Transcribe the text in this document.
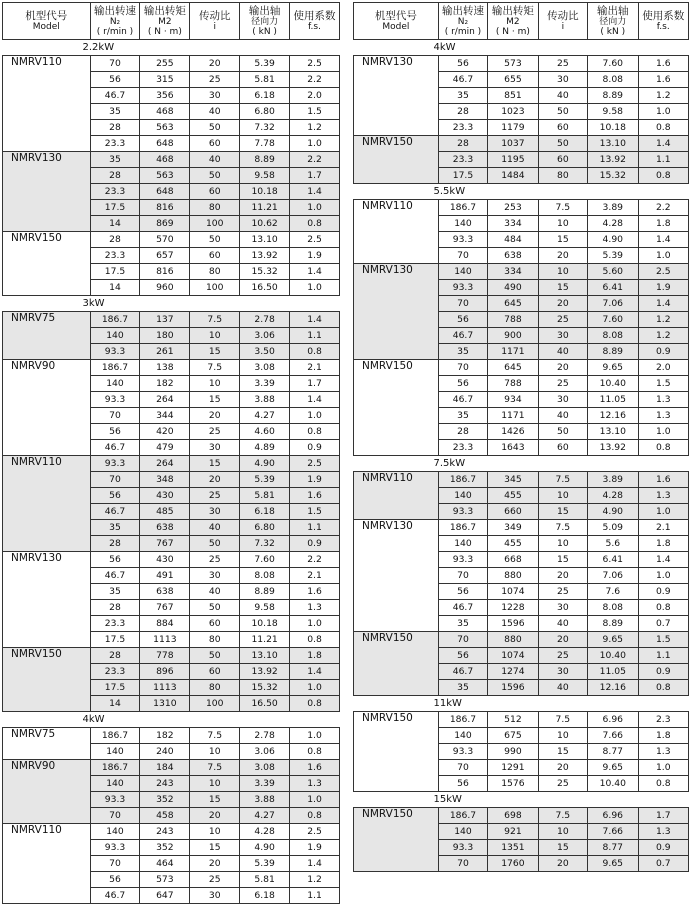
机型代号
Model	输出转速
N₂
( r/min )	输出转矩
M2
( N · m)	传动比
i	输出轴
径向力
( kN )	使用系数
f.s.

2.2kW					
NMRV110	70	255	20	5.39	2.5
	56	315	25	5.81	2.2
	46.7	356	30	6.18	2.0
	35	468	40	6.80	1.5
	28	563	50	7.32	1.2
	23.3	648	60	7.78	1.0
NMRV130	35	468	40	8.89	2.2
	28	563	50	9.58	1.7
	23.3	648	60	10.18	1.4
	17.5	816	80	11.21	1.0
	14	869	100	10.62	0.8
NMRV150	28	570	50	13.10	2.5
	23.3	657	60	13.92	1.9
	17.5	816	80	15.32	1.4
	14	960	100	16.50	1.0
3kW					
NMRV75	186.7	137	7.5	2.78	1.4
	140	180	10	3.06	1.1
	93.3	261	15	3.50	0.8
NMRV90	186.7	138	7.5	3.08	2.1
	140	182	10	3.39	1.7
	93.3	264	15	3.88	1.4
	70	344	20	4.27	1.0
	56	420	25	4.60	0.8
	46.7	479	30	4.89	0.9
NMRV110	93.3	264	15	4.90	2.5
	70	348	20	5.39	1.9
	56	430	25	5.81	1.6
	46.7	485	30	6.18	1.5
	35	638	40	6.80	1.1
	28	767	50	7.32	0.9
NMRV130	56	430	25	7.60	2.2
	46.7	491	30	8.08	2.1
	35	638	40	8.89	1.6
	28	767	50	9.58	1.3
	23.3	884	60	10.18	1.0
	17.5	1113	80	11.21	0.8
NMRV150	28	778	50	13.10	1.8
	23.3	896	60	13.92	1.4
	17.5	1113	80	15.32	1.0
	14	1310	100	16.50	0.8
4kW					
NMRV75	186.7	182	7.5	2.78	1.0
	140	240	10	3.06	0.8
NMRV90	186.7	184	7.5	3.08	1.6
	140	243	10	3.39	1.3
	93.3	352	15	3.88	1.0
	70	458	20	4.27	0.8
NMRV110	140	243	10	4.28	2.5
	93.3	352	15	4.90	1.9
	70	464	20	5.39	1.4
	56	573	25	5.81	1.2
	46.7	647	30	6.18	1.1
机型代号
Model	输出转速
N₂
( r/min )	输出转矩
M2
( N · m)	传动比
i	输出轴
径向力
( kN )	使用系数
f.s.

4kW					
NMRV130	56	573	25	7.60	1.6
	46.7	655	30	8.08	1.6
	35	851	40	8.89	1.2
	28	1023	50	9.58	1.0
	23.3	1179	60	10.18	0.8
NMRV150	28	1037	50	13.10	1.4
	23.3	1195	60	13.92	1.1
	17.5	1484	80	15.32	0.8
5.5kW					
NMRV110	186.7	253	7.5	3.89	2.2
	140	334	10	4.28	1.8
	93.3	484	15	4.90	1.4
	70	638	20	5.39	1.0
NMRV130	140	334	10	5.60	2.5
	93.3	490	15	6.41	1.9
	70	645	20	7.06	1.4
	56	788	25	7.60	1.2
	46.7	900	30	8.08	1.2
	35	1171	40	8.89	0.9
NMRV150	70	645	20	9.65	2.0
	56	788	25	10.40	1.5
	46.7	934	30	11.05	1.3
	35	1171	40	12.16	1.3
	28	1426	50	13.10	1.0
	23.3	1643	60	13.92	0.8
7.5kW					
NMRV110	186.7	345	7.5	3.89	1.6
	140	455	10	4.28	1.3
	93.3	660	15	4.90	1.0
NMRV130	186.7	349	7.5	5.09	2.1
	140	455	10	5.6	1.8
	93.3	668	15	6.41	1.4
	70	880	20	7.06	1.0
	56	1074	25	7.6	0.9
	46.7	1228	30	8.08	0.8
	35	1596	40	8.89	0.7
NMRV150	70	880	20	9.65	1.5
	56	1074	25	10.40	1.1
	46.7	1274	30	11.05	0.9
	35	1596	40	12.16	0.8
11kW					
NMRV150	186.7	512	7.5	6.96	2.3
	140	675	10	7.66	1.8
	93.3	990	15	8.77	1.3
	70	1291	20	9.65	1.0
	56	1576	25	10.40	0.8
15kW					
NMRV150	186.7	698	7.5	6.96	1.7
	140	921	10	7.66	1.3
	93.3	1351	15	8.77	0.9
	70	1760	20	9.65	0.7
